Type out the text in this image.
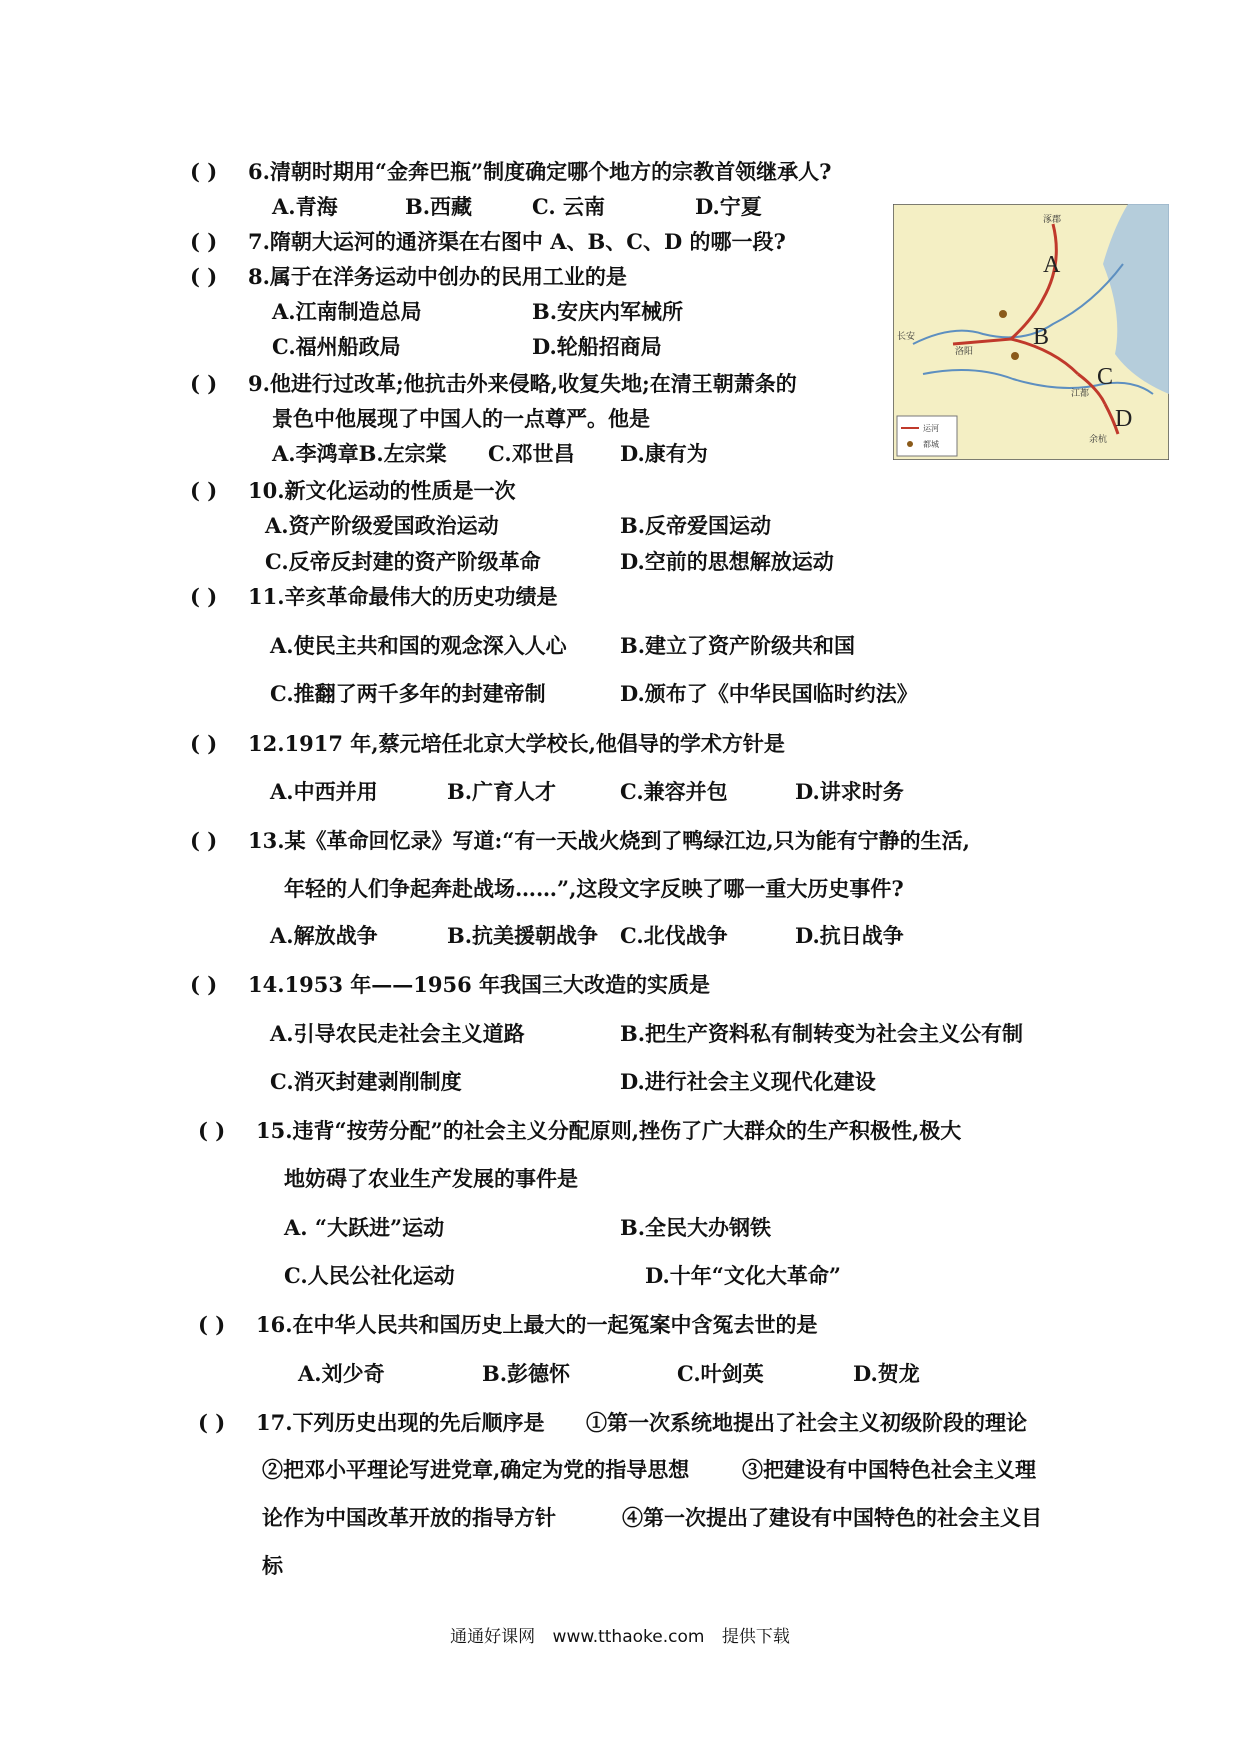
( ) 6.清朝时期用“金奔巴瓶”制度确定哪个地方的宗教首领继承人?
A.青海	B.西藏	C. 云南	D.宁夏
( ) 7.隋朝大运河的通济渠在右图中 A、B、C、D 的哪一段?
( ) 8.属于在洋务运动中创办的民用工业的是
A.江南制造总局	B.安庆内军械所
C.福州船政局	D.轮船招商局
( ) 9.他进行过改革;他抗击外来侵略,收复失地;在清王朝萧条的
景色中他展现了中国人的一点尊严。他是
A.李鸿章B.左宗棠 C.邓世昌 D.康有为
( ) 10.新文化运动的性质是一次
A.资产阶级爱国政治运动	B.反帝爱国运动
C.反帝反封建的资产阶级革命	D.空前的思想解放运动
( ) 11.辛亥革命最伟大的历史功绩是
A.使民主共和国的观念深入人心	B.建立了资产阶级共和国
C.推翻了两千多年的封建帝制	D.颁布了《中华民国临时约法》
( ) 12.1917 年,蔡元培任北京大学校长,他倡导的学术方针是
A.中西并用	B.广育人才	C.兼容并包	D.讲求时务
( ) 13.某《革命回忆录》写道:“有一天战火烧到了鸭绿江边,只为能有宁静的生活,
年轻的人们争起奔赴战场……”,这段文字反映了哪一重大历史事件?
A.解放战争	B.抗美援朝战争 C.北伐战争	D.抗日战争
( ) 14.1953 年——1956 年我国三大改造的实质是
A.引导农民走社会主义道路	B.把生产资料私有制转变为社会主义公有制
C.消灭封建剥削制度	D.进行社会主义现代化建设
( ) 15.违背“按劳分配”的社会主义分配原则,挫伤了广大群众的生产积极性,极大
地妨碍了农业生产发展的事件是
A. “大跃进”运动	B.全民大办钢铁
C.人民公社化运动	D.十年“文化大革命”
( ) 16.在中华人民共和国历史上最大的一起冤案中含冤去世的是
A.刘少奇	B.彭德怀	C.叶剑英	D.贺龙
( ) 17.下列历史出现的先后顺序是 ①第一次系统地提出了社会主义初级阶段的理论
②把邓小平理论写进党章,确定为党的指导思想	③把建设有中国特色社会主义理
论作为中国改革开放的指导方针	④第一次提出了建设有中国特色的社会主义目
标
A
B
C
D
涿郡
长安
洛阳
江都
余杭
运河
都城
通通好课网 www.tthaoke.com 提供下载
